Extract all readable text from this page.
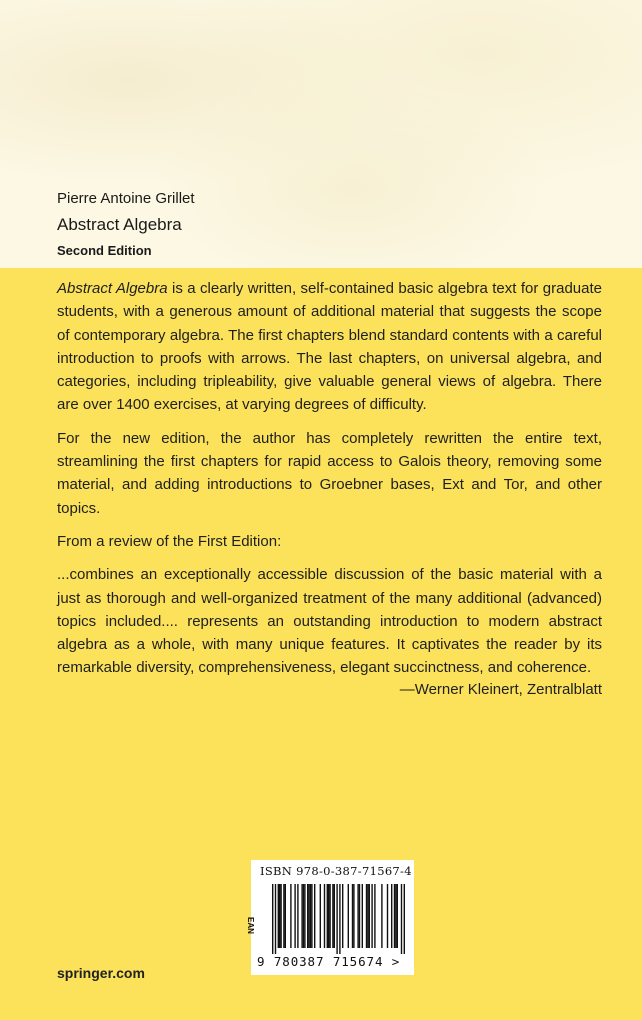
Pierre Antoine Grillet

Abstract Algebra

Second Edition

Abstract Algebra is a clearly written, self-contained basic algebra text for graduate students, with a generous amount of additional material that suggests the scope of contemporary algebra. The first chapters blend standard contents with a careful introduction to proofs with arrows. The last chapters, on universal algebra, and categories, including tripleability, give valuable general views of algebra. There are over 1400 exercises, at varying degrees of difficulty.

For the new edition, the author has completely rewritten the entire text, streamlining the first chapters for rapid access to Galois theory, removing some material, and adding introductions to Groebner bases, Ext and Tor, and other topics.

From a review of the First Edition:

...combines an exceptionally accessible discussion of the basic material with a just as thorough and well-organized treatment of the many additional (advanced) topics included.... represents an outstanding introduction to modern abstract algebra as a whole, with many unique features. It captivates the reader by its remarkable diversity, comprehensiveness, elegant succinctness, and coherence.

—Werner Kleinert, Zentralblatt

ISBN 978-0-387-71567-4

EAN

9 780387 715674 >

springer.com
